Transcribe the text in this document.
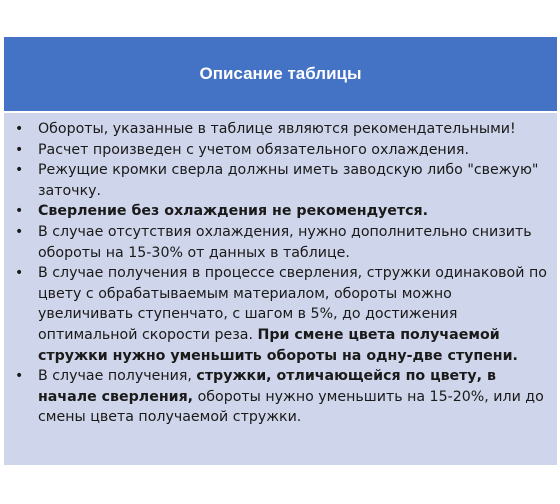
Описание таблицы
• Обороты, указанные в таблице являются рекомендательными!
• Расчет произведен с учетом обязательного охлаждения.
• Режущие кромки сверла должны иметь заводскую либо "свежую" заточку.
• Сверление без охлаждения не рекомендуется.
• В случае отсутствия охлаждения, нужно дополнительно снизить обороты на 15-30% от данных в таблице.
• В случае получения в процессе сверления, стружки одинаковой по цвету с обрабатываемым материалом, обороты можно увеличивать ступенчато, с шагом в 5%, до достижения оптимальной скорости реза. При смене цвета получаемой стружки нужно уменьшить обороты на одну-две ступени.
• В случае получения, стружки, отличающейся по цвету, в начале сверления, обороты нужно уменьшить на 15-20%, или до смены цвета получаемой стружки.
